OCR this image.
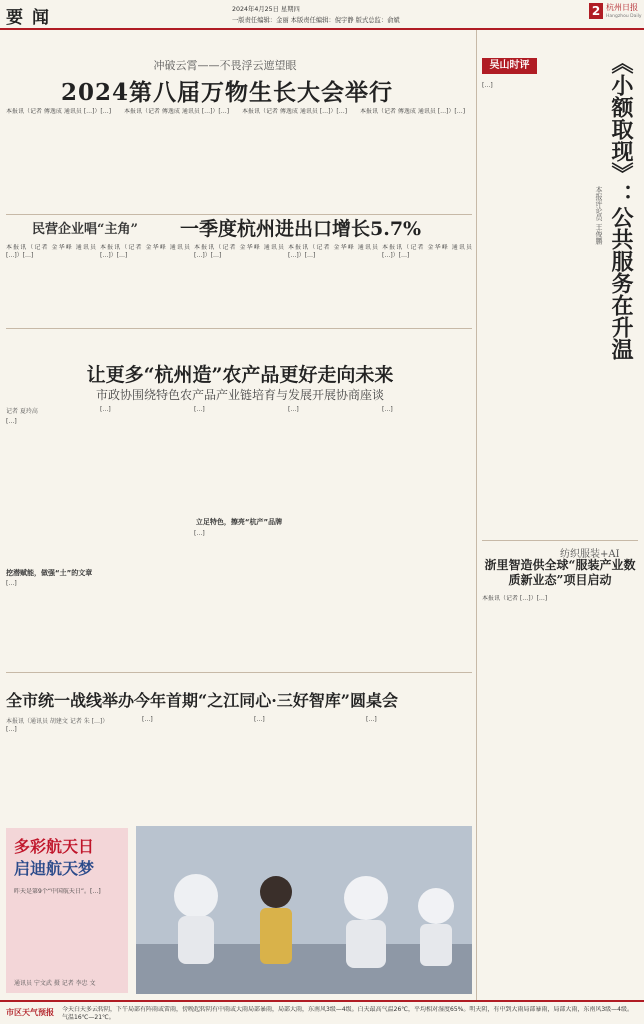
要闻	2024年4月25日 星期四
一版责任编辑：金丽 本版责任编辑：倪宇静 版式总监：俞斌
2 杭州日报
Hangzhou Daily
冲破云霄——不畏浮云遮望眼
2024第八届万物生长大会举行
本报讯（记者 傅逸成 通讯员 […]）[…]	本报讯（记者 傅逸成 通讯员 […]）[…]	本报讯（记者 傅逸成 通讯员 […]）[…]	本报讯（记者 傅逸成 通讯员 […]）[…]
民营企业唱“主角” 一季度杭州进出口增长5.7%
本报讯（记者 金华峰 通讯员 […]）[…]
本报讯（记者 金华峰 通讯员 […]）[…]
本报讯（记者 金华峰 通讯员 […]）[…]
本报讯（记者 金华峰 通讯员 […]）[…]
本报讯（记者 金华峰 通讯员 […]）[…]
让更多“杭州造”农产品更好走向未来
市政协围绕特色农产品产业链培育与发展开展协商座谈
记者 夏玲高
[…]
挖潜赋能，做强“土”的文章
[…]
[…]	[…]
立足特色，擦亮“杭产”品牌
[…]
[…]	[…]
吴山时评
[…]	《小额取现》：公共服务在升温
本报评论员 王俊鹏
纺织服装+AI
浙里智造供全球“服装产业数质新业态”项目启动
本报讯（记者 […]）[…]
全市统一战线举办今年首期“之江同心·三好智库”圆桌会
本报讯（通讯员 胡建文 记者 朱 […]）
[…]
[…]	[…]	[…]
多彩航天日
启迪航天梦
昨天是第9个“中国航天日”。[…]
通讯员 宁文武 摄 记者 李忠 文
市区天气预报 今天白天多云转阴，下午局部有阵雨或雷雨，傍晚起转阴有中雨或大雨局部暴雨，局部大雨，东南风3级—4级。白天最高气温26℃，平均相对湿度65%。明天阴，有中到大雨局部暴雨，局部大雨，东南风3级—4级。气温16℃—21℃。
